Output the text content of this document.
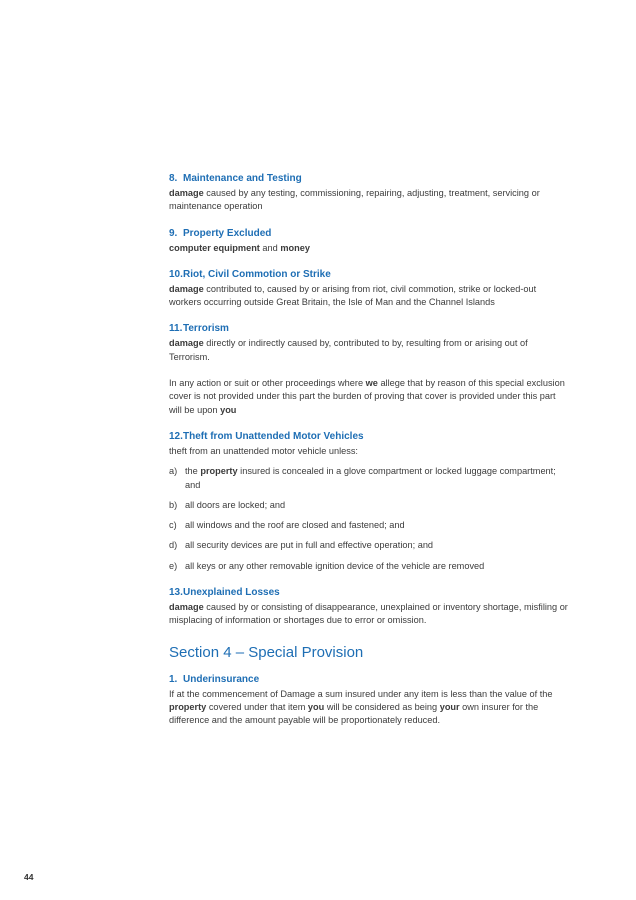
8. Maintenance and Testing

damage caused by any testing, commissioning, repairing, adjusting, treatment, servicing or maintenance operation

9. Property Excluded

computer equipment and money

10.Riot, Civil Commotion or Strike

damage contributed to, caused by or arising from riot, civil commotion, strike or locked-out workers occurring outside Great Britain, the Isle of Man and the Channel Islands

11.Terrorism

damage directly or indirectly caused by, contributed to by, resulting from or arising out of Terrorism.

In any action or suit or other proceedings where we allege that by reason of this special exclusion cover is not provided under this part the burden of proving that cover is provided under this part will be upon you

12.Theft from Unattended Motor Vehicles

theft from an unattended motor vehicle unless:

a) the property insured is concealed in a glove compartment or locked luggage compartment; and
b) all doors are locked; and
c) all windows and the roof are closed and fastened; and
d) all security devices are put in full and effective operation; and
e) all keys or any other removable ignition device of the vehicle are removed
13.Unexplained Losses

damage caused by or consisting of disappearance, unexplained or inventory shortage, misfiling or misplacing of information or shortages due to error or omission.

Section 4 – Special Provision
1. Underinsurance

If at the commencement of Damage a sum insured under any item is less than the value of the property covered under that item you will be considered as being your own insurer for the difference and the amount payable will be proportionately reduced.

44
